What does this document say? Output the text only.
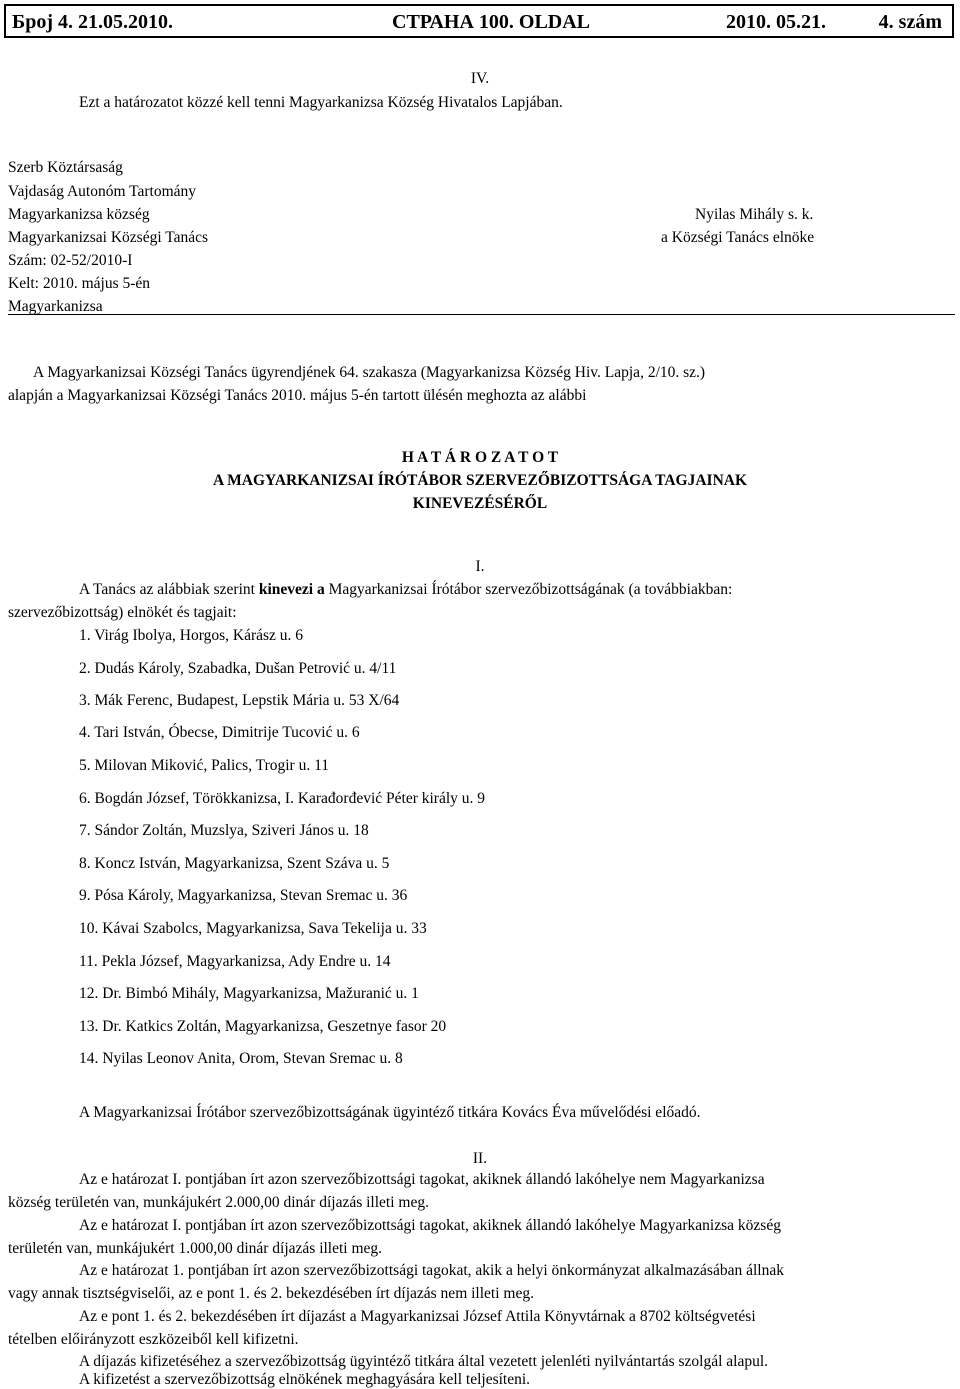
Број 4. 21.05.2010.	СТРАНА 100. OLDAL	2010. 05.21.	4. szám
IV.
Ezt a határozatot közzé kell tenni Magyarkanizsa Község Hivatalos Lapjában.
Szerb Köztársaság
Vajdaság Autonóm Tartomány
Magyarkanizsa község
Magyarkanizsai Községi Tanács
Szám: 02-52/2010-I
Kelt: 2010. május 5-én
Magyarkanizsa
Nyilas Mihály s. k.
a Községi Tanács elnöke
A Magyarkanizsai Községi Tanács ügyrendjének 64. szakasza (Magyarkanizsa Község Hiv. Lapja, 2/10. sz.)
alapján a Magyarkanizsai Községi Tanács 2010. május 5-én tartott ülésén meghozta az alábbi
H A T Á R O Z A T O T
A MAGYARKANIZSAI ÍRÓTÁBOR SZERVEZŐBIZOTTSÁGA TAGJAINAK
KINEVEZÉSÉRŐL
I.
A Tanács az alábbiak szerint kinevezi a Magyarkanizsai Írótábor szervezőbizottságának (a továbbiakban:
szervezőbizottság) elnökét és tagjait:
1. Virág Ibolya, Horgos, Kárász u. 6
2. Dudás Károly, Szabadka, Dušan Petrović u. 4/11
3. Mák Ferenc, Budapest, Lepstik Mária u. 53 X/64
4. Tari István, Óbecse, Dimitrije Tucović u. 6
5. Milovan Miković, Palics, Trogir u. 11
6. Bogdán József, Törökkanizsa, I. Karađorđević Péter király u. 9
7. Sándor Zoltán, Muzslya, Sziveri János u. 18
8. Koncz István, Magyarkanizsa, Szent Száva u. 5
9. Pósa Károly, Magyarkanizsa, Stevan Sremac u. 36
10. Kávai Szabolcs, Magyarkanizsa, Sava Tekelija u. 33
11. Pekla József, Magyarkanizsa, Ady Endre u. 14
12. Dr. Bimbó Mihály, Magyarkanizsa, Mažuranić u. 1
13. Dr. Katkics Zoltán, Magyarkanizsa, Geszetnye fasor 20
14. Nyilas Leonov Anita, Orom, Stevan Sremac u. 8
A Magyarkanizsai Írótábor szervezőbizottságának ügyintéző titkára Kovács Éva művelődési előadó.
II.
Az e határozat I. pontjában írt azon szervezőbizottsági tagokat, akiknek állandó lakóhelye nem Magyarkanizsa
község területén van, munkájukért 2.000,00 dinár díjazás illeti meg.
Az e határozat I. pontjában írt azon szervezőbizottsági tagokat, akiknek állandó lakóhelye Magyarkanizsa község
területén van, munkájukért 1.000,00 dinár díjazás illeti meg.
Az e határozat 1. pontjában írt azon szervezőbizottsági tagokat, akik a helyi önkormányzat alkalmazásában állnak
vagy annak tisztségviselői, az e pont 1. és 2. bekezdésében írt díjazás nem illeti meg.
Az e pont 1. és 2. bekezdésében írt díjazást a Magyarkanizsai József Attila Könyvtárnak a 8702 költségvetési
tételben előirányzott eszközeiből kell kifizetni.
A díjazás kifizetéséhez a szervezőbizottság ügyintéző titkára által vezetett jelenléti nyilvántartás szolgál alapul.
A kifizetést a szervezőbizottság elnökének meghagyására kell teljesíteni.
